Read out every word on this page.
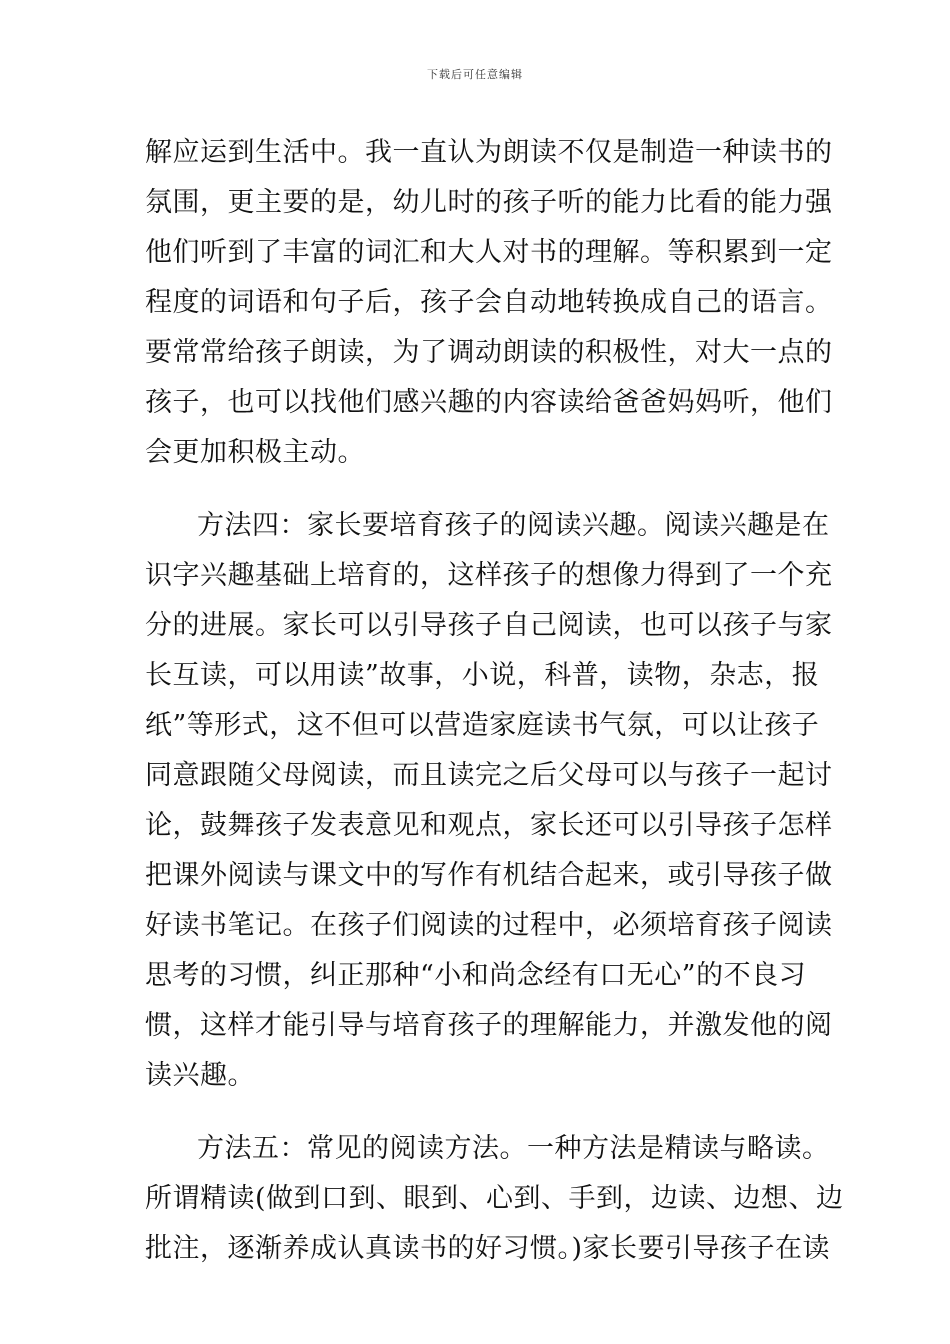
下载后可任意编辑
解应运到生活中。我一直认为朗读不仅是制造一种读书的
氛围，更主要的是，幼儿时的孩子听的能力比看的能力强
他们听到了丰富的词汇和大人对书的理解。等积累到一定
程度的词语和句子后，孩子会自动地转换成自己的语言。
要常常给孩子朗读，为了调动朗读的积极性，对大一点的
孩子，也可以找他们感兴趣的内容读给爸爸妈妈听，他们
会更加积极主动。
方法四：家长要培育孩子的阅读兴趣。阅读兴趣是在
识字兴趣基础上培育的，这样孩子的想像力得到了一个充
分的进展。家长可以引导孩子自己阅读，也可以孩子与家
长互读，可以用读”故事，小说，科普，读物，杂志，报
纸”等形式，这不但可以营造家庭读书气氛，可以让孩子
同意跟随父母阅读，而且读完之后父母可以与孩子一起讨
论，鼓舞孩子发表意见和观点，家长还可以引导孩子怎样
把课外阅读与课文中的写作有机结合起来，或引导孩子做
好读书笔记。在孩子们阅读的过程中，必须培育孩子阅读
思考的习惯，纠正那种“小和尚念经有口无心”的不良习
惯，这样才能引导与培育孩子的理解能力，并激发他的阅
读兴趣。
方法五：常见的阅读方法。一种方法是精读与略读。
所谓精读(做到口到、眼到、心到、手到，边读、边想、边
批注，逐渐养成认真读书的好习惯。)家长要引导孩子在读
